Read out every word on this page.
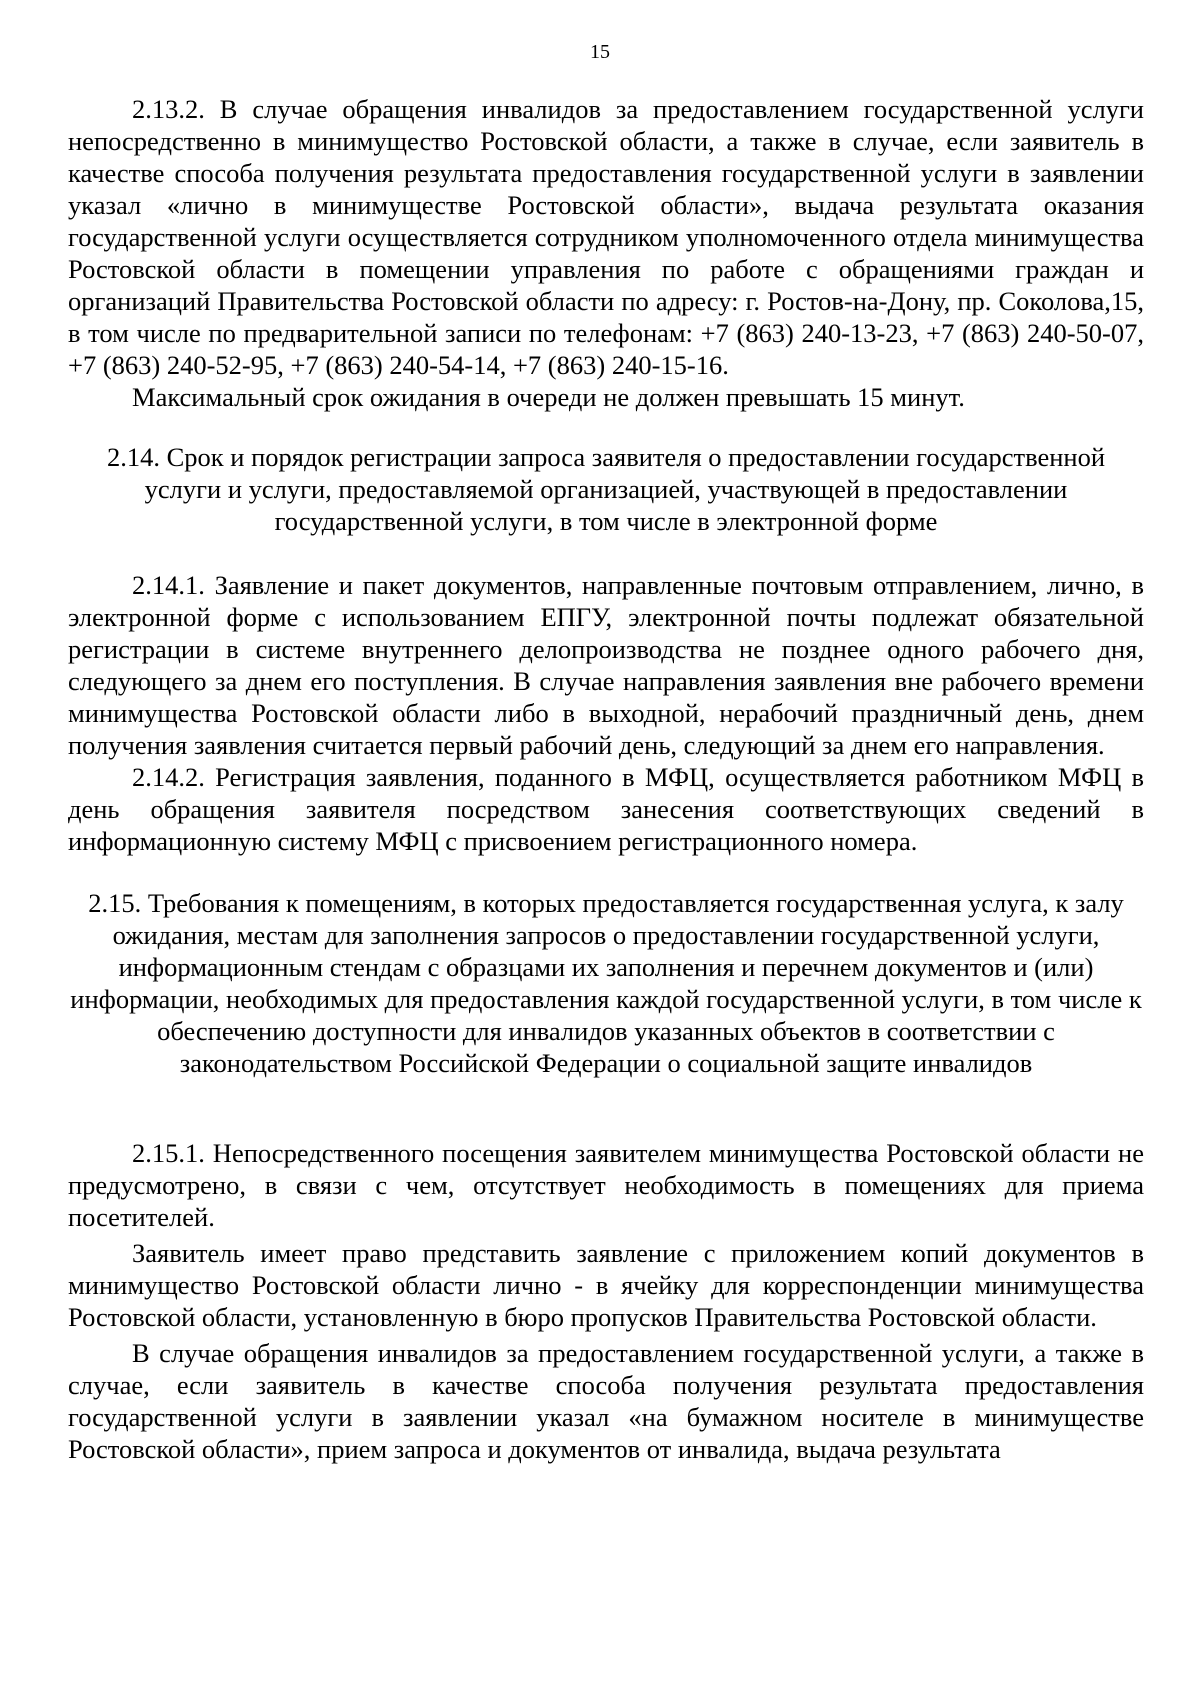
15

2.13.2. В случае обращения инвалидов за предоставлением государственной услуги непосредственно в минимущество Ростовской области, а также в случае, если заявитель в качестве способа получения результата предоставления государственной услуги в заявлении указал «лично в минимуществе Ростовской области», выдача результата оказания государственной услуги осуществляется сотрудником уполномоченного отдела минимущества Ростовской области в помещении управления по работе с обращениями граждан и организаций Правительства Ростовской области по адресу: г. Ростов-на-Дону, пр. Соколова,15, в том числе по предварительной записи по телефонам: +7 (863) 240-13-23, +7 (863) 240-50-07, +7 (863) 240-52-95, +7 (863) 240-54-14, +7 (863) 240-15-16.

Максимальный срок ожидания в очереди не должен превышать 15 минут.

2.14. Срок и порядок регистрации запроса заявителя о предоставлении государственной услуги и услуги, предоставляемой организацией, участвующей в предоставлении государственной услуги, в том числе в электронной форме

2.14.1. Заявление и пакет документов, направленные почтовым отправлением, лично, в электронной форме с использованием ЕПГУ, электронной почты подлежат обязательной регистрации в системе внутреннего делопроизводства не позднее одного рабочего дня, следующего за днем его поступления. В случае направления заявления вне рабочего времени минимущества Ростовской области либо в выходной, нерабочий праздничный день, днем получения заявления считается первый рабочий день, следующий за днем его направления.

2.14.2. Регистрация заявления, поданного в МФЦ, осуществляется работником МФЦ в день обращения заявителя посредством занесения соответствующих сведений в информационную систему МФЦ с присвоением регистрационного номера.

2.15. Требования к помещениям, в которых предоставляется государственная услуга, к залу ожидания, местам для заполнения запросов о предоставлении государственной услуги, информационным стендам с образцами их заполнения и перечнем документов и (или) информации, необходимых для предоставления каждой государственной услуги, в том числе к обеспечению доступности для инвалидов указанных объектов в соответствии с законодательством Российской Федерации о социальной защите инвалидов

2.15.1. Непосредственного посещения заявителем минимущества Ростовской области не предусмотрено, в связи с чем, отсутствует необходимость в помещениях для приема посетителей.

Заявитель имеет право представить заявление с приложением копий документов в минимущество Ростовской области лично - в ячейку для корреспонденции минимущества Ростовской области, установленную в бюро пропусков Правительства Ростовской области.

В случае обращения инвалидов за предоставлением государственной услуги, а также в случае, если заявитель в качестве способа получения результата предоставления государственной услуги в заявлении указал «на бумажном носителе в минимуществе Ростовской области», прием запроса и документов от инвалида, выдача результата
